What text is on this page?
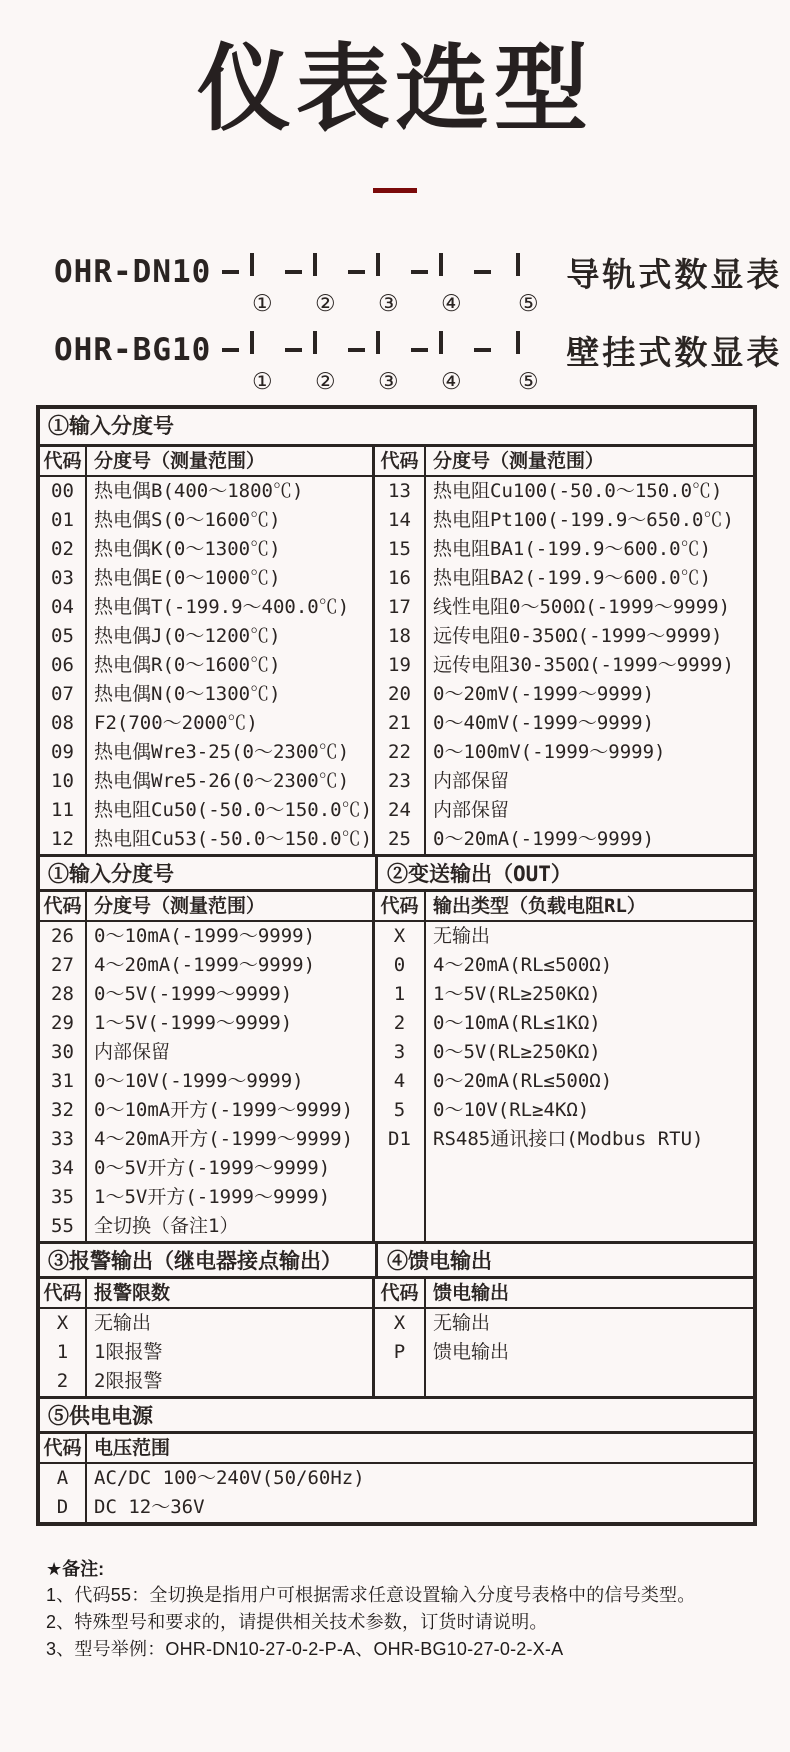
仪表选型
OHR-DN10
① ② ③ ④ ⑤
导轨式数显表
OHR-BG10
① ② ③ ④ ⑤
壁挂式数显表
①输入分度号
代码 分度号（测量范围）	代码 分度号（测量范围）
00	热电偶B(400～1800℃)	13	热电阻Cu100(-50.0～150.0℃)
01	热电偶S(0～1600℃)	14	热电阻Pt100(-199.9～650.0℃)
02	热电偶K(0～1300℃)	15	热电阻BA1(-199.9～600.0℃)
03	热电偶E(0～1000℃)	16	热电阻BA2(-199.9～600.0℃)
04	热电偶T(-199.9～400.0℃)	17	线性电阻0～500Ω(-1999～9999)
05	热电偶J(0～1200℃)	18	远传电阻0-350Ω(-1999～9999)
06	热电偶R(0～1600℃)	19	远传电阻30-350Ω(-1999～9999)
07	热电偶N(0～1300℃)	20	0～20mV(-1999～9999)
08	F2(700～2000℃)	21	0～40mV(-1999～9999)
09	热电偶Wre3-25(0～2300℃)	22	0～100mV(-1999～9999)
10	热电偶Wre5-26(0～2300℃)	23	内部保留
11	热电阻Cu50(-50.0～150.0℃) 24	内部保留
12	热电阻Cu53(-50.0～150.0℃) 25	0～20mA(-1999～9999)
①输入分度号	②变送输出（OUT）
代码 分度号（测量范围）	代码 输出类型（负载电阻RL）
26	0～10mA(-1999～9999)	X	无输出
27	4～20mA(-1999～9999)	0	4～20mA(RL≤500Ω)
28	0～5V(-1999～9999)	1	1～5V(RL≥250KΩ)
29	1～5V(-1999～9999)	2	0～10mA(RL≤1KΩ)
30	内部保留	3	0～5V(RL≥250KΩ)
31	0～10V(-1999～9999)	4	0～20mA(RL≤500Ω)
32	0～10mA开方(-1999～9999)	5	0～10V(RL≥4KΩ)
33	4～20mA开方(-1999～9999)	D1	RS485通讯接口(Modbus RTU)
34	0～5V开方(-1999～9999)
35	1～5V开方(-1999～9999)
55	全切换（备注1）
③报警输出（继电器接点输出）	④馈电输出
代码 报警限数	代码 馈电输出
X	无输出	X	无输出
1	1限报警	P	馈电输出
2	2限报警
⑤供电电源
代码 电压范围
A	AC/DC 100～240V(50/60Hz)
D	DC 12～36V
★备注:
1、代码55：全切换是指用户可根据需求任意设置输入分度号表格中的信号类型。
2、特殊型号和要求的，请提供相关技术参数，订货时请说明。
3、型号举例：OHR-DN10-27-0-2-P-A、OHR-BG10-27-0-2-X-A
